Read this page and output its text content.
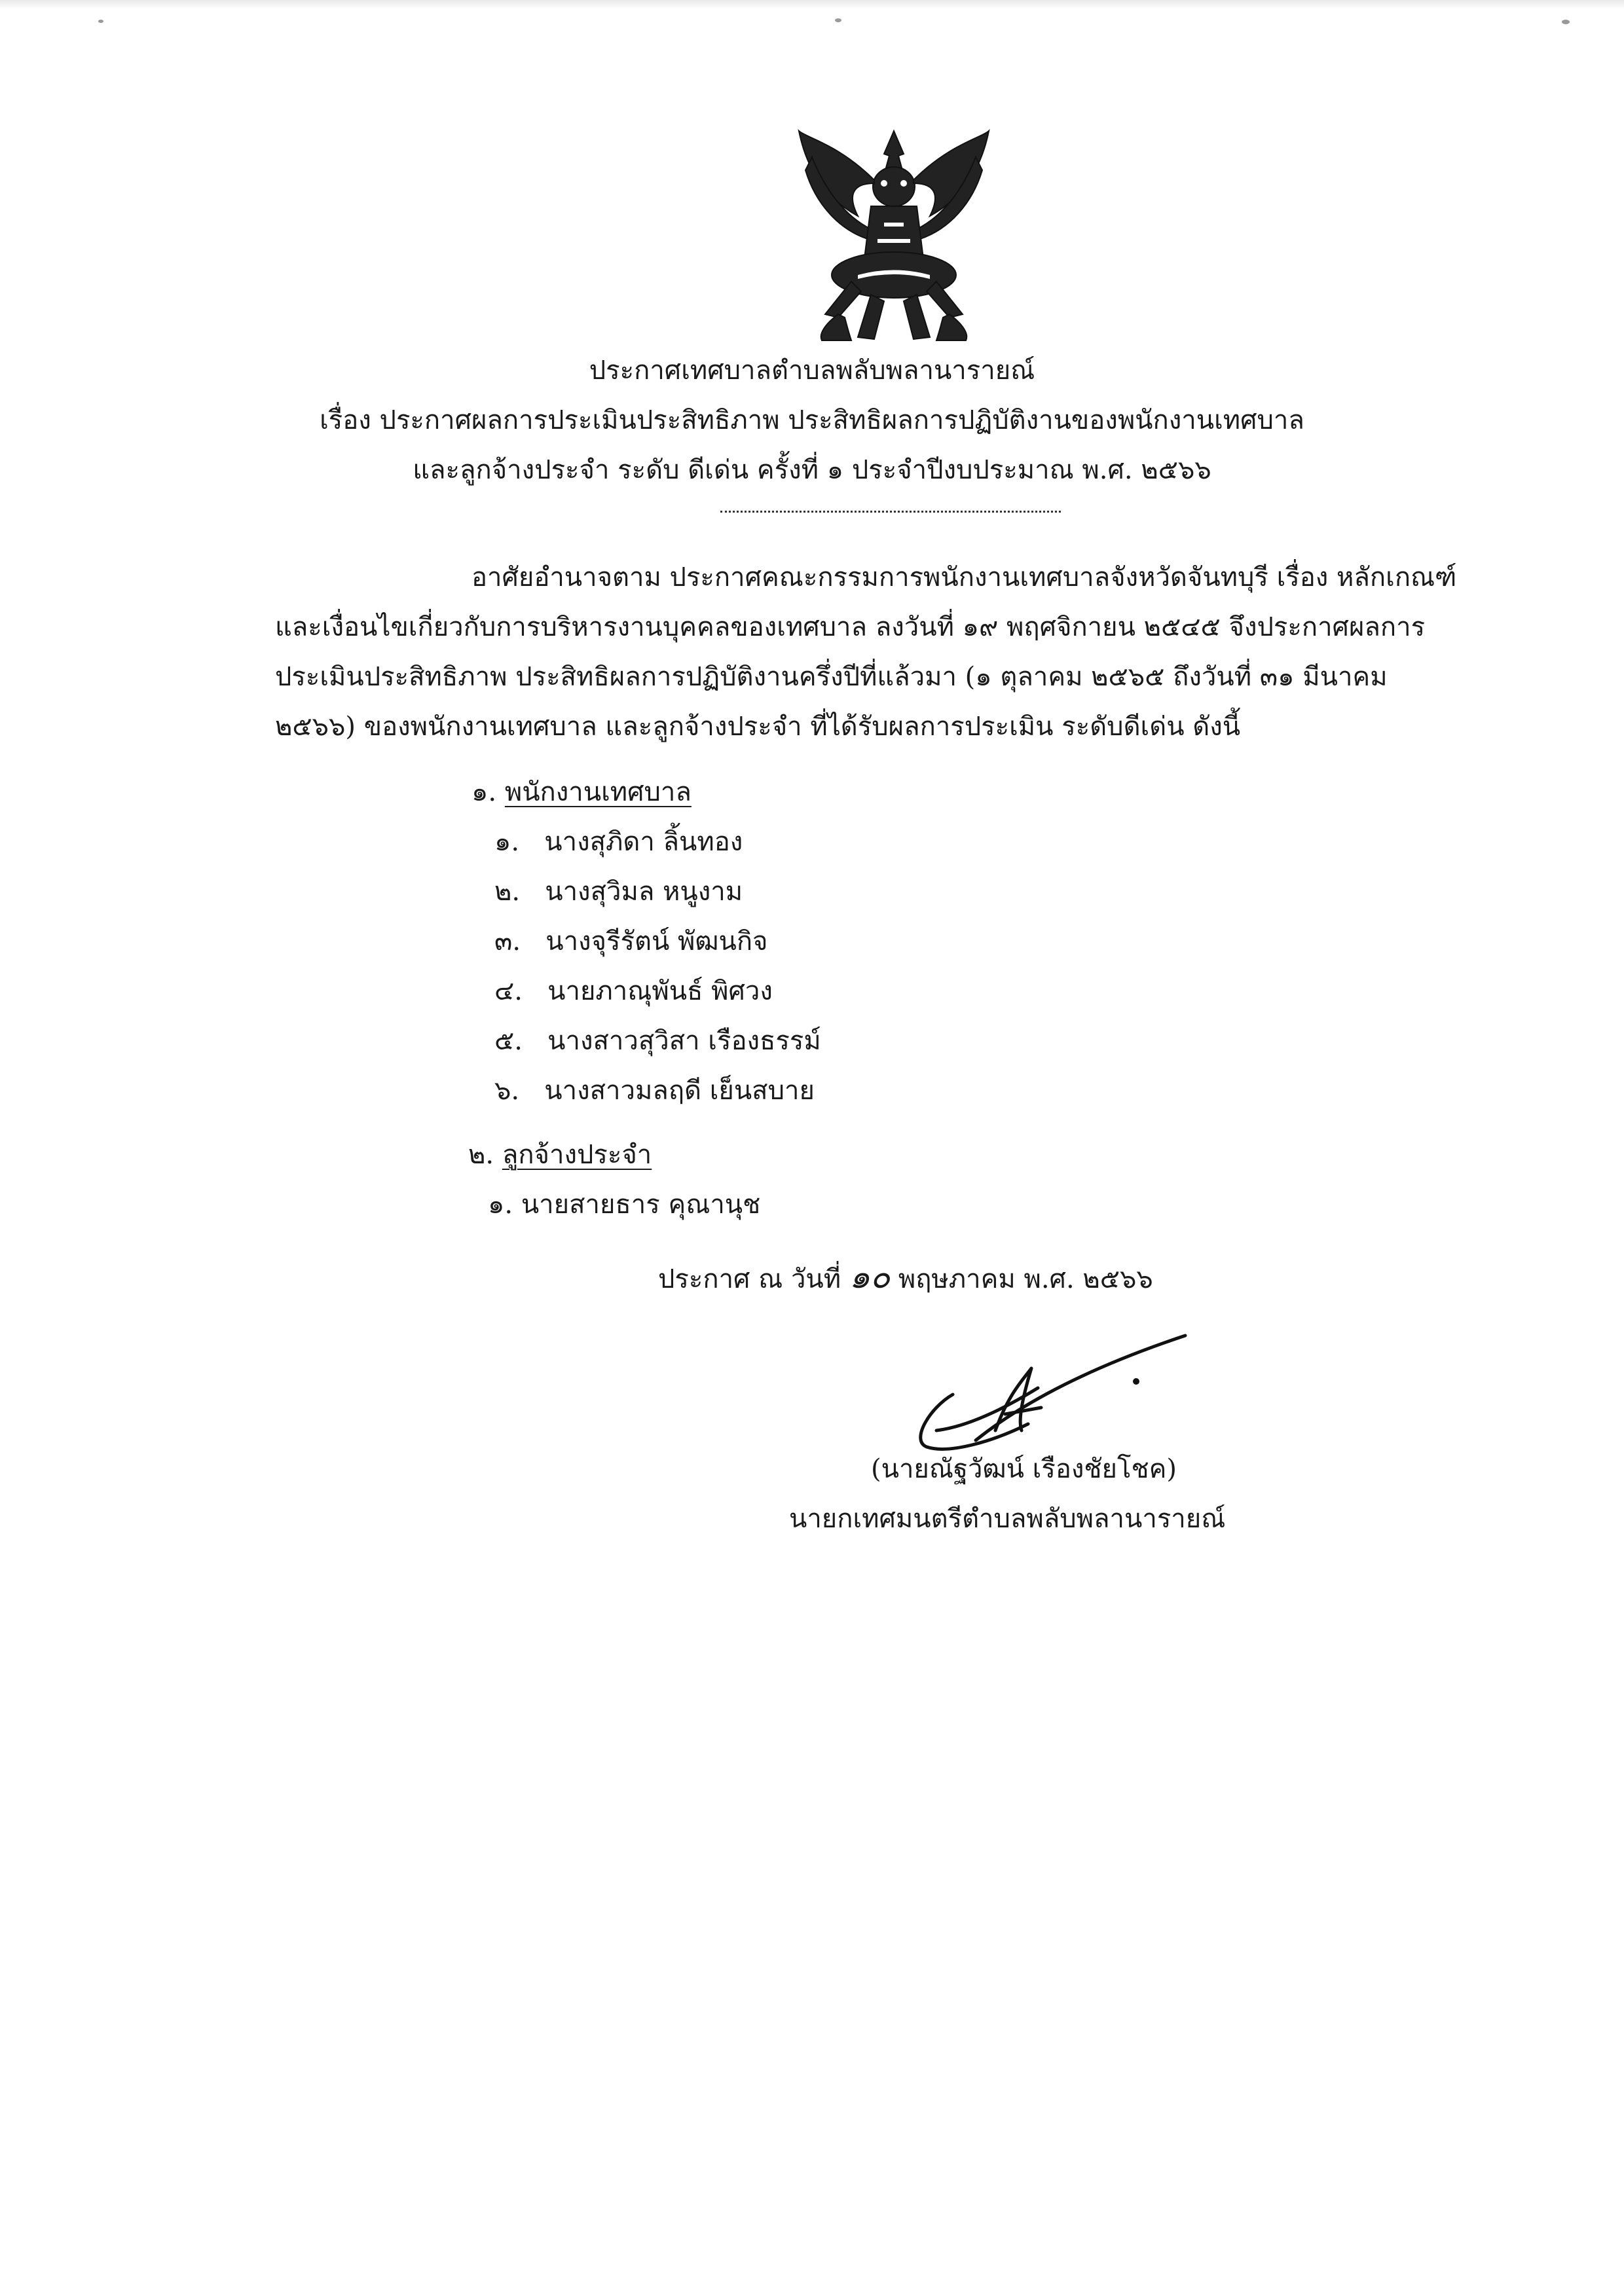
ประกาศเทศบาลตำบลพลับพลานารายณ์
เรื่อง ประกาศผลการประเมินประสิทธิภาพ ประสิทธิผลการปฏิบัติงานของพนักงานเทศบาล
และลูกจ้างประจำ ระดับ ดีเด่น ครั้งที่ ๑ ประจำปีงบประมาณ พ.ศ. ๒๕๖๖
อาศัยอำนาจตาม ประกาศคณะกรรมการพนักงานเทศบาลจังหวัดจันทบุรี เรื่อง หลักเกณฑ์
และเงื่อนไขเกี่ยวกับการบริหารงานบุคคลของเทศบาล ลงวันที่ ๑๙ พฤศจิกายน ๒๕๔๕ จึงประกาศผลการ
ประเมินประสิทธิภาพ ประสิทธิผลการปฏิบัติงานครึ่งปีที่แล้วมา (๑ ตุลาคม ๒๕๖๕ ถึงวันที่ ๓๑ มีนาคม
๒๕๖๖) ของพนักงานเทศบาล และลูกจ้างประจำ ที่ได้รับผลการประเมิน ระดับดีเด่น ดังนี้
๑. พนักงานเทศบาล
๑. นางสุภิดา ลิ้นทอง
๒. นางสุวิมล หนูงาม
๓. นางจุรีรัตน์ พัฒนกิจ
๔. นายภาณุพันธ์ พิศวง
๕. นางสาวสุวิสา เรืองธรรม์
๖. นางสาวมลฤดี เย็นสบาย
๒. ลูกจ้างประจำ
๑. นายสายธาร คุณานุช
ประกาศ ณ วันที่ ๑๐ พฤษภาคม พ.ศ. ๒๕๖๖
(นายณัฐวัฒน์ เรืองชัยโชค)
นายกเทศมนตรีตำบลพลับพลานารายณ์
